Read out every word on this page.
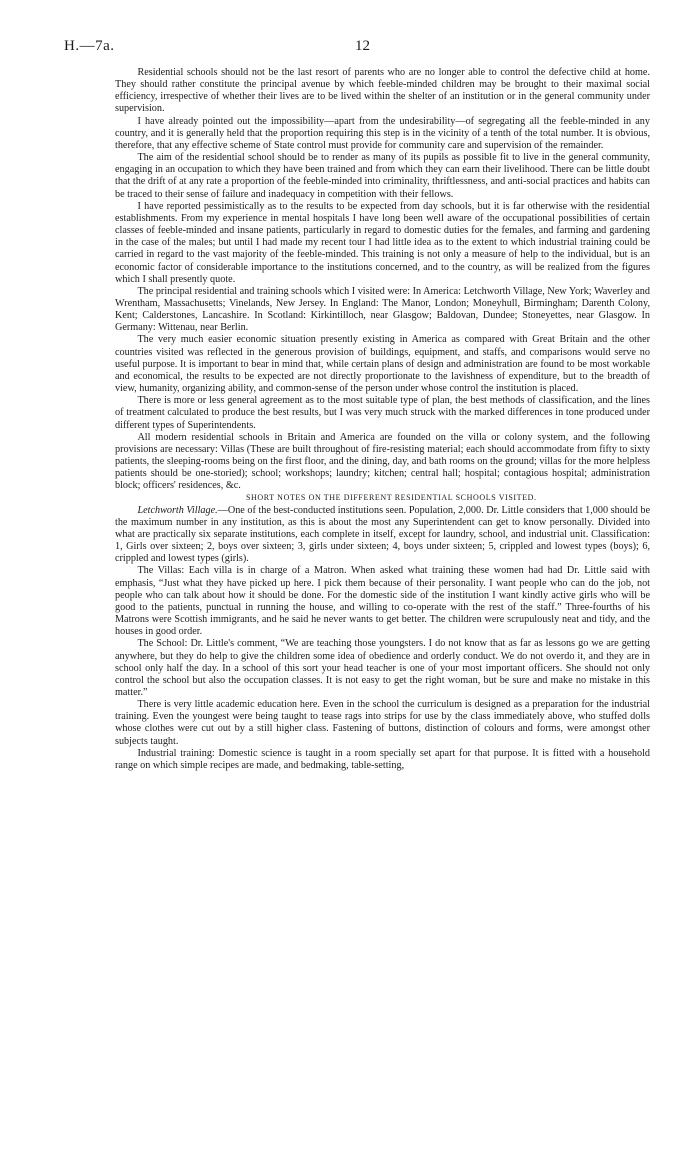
H.—7a.	12

Residential schools should not be the last resort of parents who are no longer able to control the defective child at home. They should rather constitute the principal avenue by which feeble-minded children may be brought to their maximal social efficiency, irrespective of whether their lives are to be lived within the shelter of an institution or in the general community under supervision.

I have already pointed out the impossibility—apart from the undesirability—of segregating all the feeble-minded in any country, and it is generally held that the proportion requiring this step is in the vicinity of a tenth of the total number. It is obvious, therefore, that any effective scheme of State control must provide for community care and supervision of the remainder.

The aim of the residential school should be to render as many of its pupils as possible fit to live in the general community, engaging in an occupation to which they have been trained and from which they can earn their livelihood. There can be little doubt that the drift of at any rate a proportion of the feeble-minded into criminality, thriftlessness, and anti-social practices and habits can be traced to their sense of failure and inadequacy in competition with their fellows.

I have reported pessimistically as to the results to be expected from day schools, but it is far otherwise with the residential establishments. From my experience in mental hospitals I have long been well aware of the occupational possibilities of certain classes of feeble-minded and insane patients, particularly in regard to domestic duties for the females, and farming and gardening in the case of the males; but until I had made my recent tour I had little idea as to the extent to which industrial training could be carried in regard to the vast majority of the feeble-minded. This training is not only a measure of help to the individual, but is an economic factor of considerable importance to the institutions concerned, and to the country, as will be realized from the figures which I shall presently quote.

The principal residential and training schools which I visited were: In America: Letchworth Village, New York; Waverley and Wrentham, Massachusetts; Vinelands, New Jersey. In England: The Manor, London; Moneyhull, Birmingham; Darenth Colony, Kent; Calderstones, Lancashire. In Scotland: Kirkintilloch, near Glasgow; Baldovan, Dundee; Stoneyettes, near Glasgow. In Germany: Wittenau, near Berlin.

The very much easier economic situation presently existing in America as compared with Great Britain and the other countries visited was reflected in the generous provision of buildings, equipment, and staffs, and comparisons would serve no useful purpose. It is important to bear in mind that, while certain plans of design and administration are found to be most workable and economical, the results to be expected are not directly proportionate to the lavishness of expenditure, but to the breadth of view, humanity, organizing ability, and common-sense of the person under whose control the institution is placed.

There is more or less general agreement as to the most suitable type of plan, the best methods of classification, and the lines of treatment calculated to produce the best results, but I was very much struck with the marked differences in tone produced under different types of Superintendents.

All modern residential schools in Britain and America are founded on the villa or colony system, and the following provisions are necessary: Villas (These are built throughout of fire-resisting material; each should accommodate from fifty to sixty patients, the sleeping-rooms being on the first floor, and the dining, day, and bath rooms on the ground; villas for the more helpless patients should be one-storied); school; workshops; laundry; kitchen; central hall; hospital; contagious hospital; administration block; officers' residences, &c.

SHORT NOTES ON THE DIFFERENT RESIDENTIAL SCHOOLS VISITED.

Letchworth Village.—One of the best-conducted institutions seen. Population, 2,000. Dr. Little considers that 1,000 should be the maximum number in any institution, as this is about the most any Superintendent can get to know personally. Divided into what are practically six separate institutions, each complete in itself, except for laundry, school, and industrial unit. Classification: 1, Girls over sixteen; 2, boys over sixteen; 3, girls under sixteen; 4, boys under sixteen; 5, crippled and lowest types (boys); 6, crippled and lowest types (girls).

The Villas: Each villa is in charge of a Matron. When asked what training these women had had Dr. Little said with emphasis, “Just what they have picked up here. I pick them because of their personality. I want people who can do the job, not people who can talk about how it should be done. For the domestic side of the institution I want kindly active girls who will be good to the patients, punctual in running the house, and willing to co-operate with the rest of the staff.” Three-fourths of his Matrons were Scottish immigrants, and he said he never wants to get better. The children were scrupulously neat and tidy, and the houses in good order.

The School: Dr. Little's comment, “We are teaching those youngsters. I do not know that as far as lessons go we are getting anywhere, but they do help to give the children some idea of obedience and orderly conduct. We do not overdo it, and they are in school only half the day. In a school of this sort your head teacher is one of your most important officers. She should not only control the school but also the occupation classes. It is not easy to get the right woman, but be sure and make no mistake in this matter.”

There is very little academic education here. Even in the school the curriculum is designed as a preparation for the industrial training. Even the youngest were being taught to tease rags into strips for use by the class immediately above, who stuffed dolls whose clothes were cut out by a still higher class. Fastening of buttons, distinction of colours and forms, were amongst other subjects taught.

Industrial training: Domestic science is taught in a room specially set apart for that purpose. It is fitted with a household range on which simple recipes are made, and bedmaking, table-setting,
